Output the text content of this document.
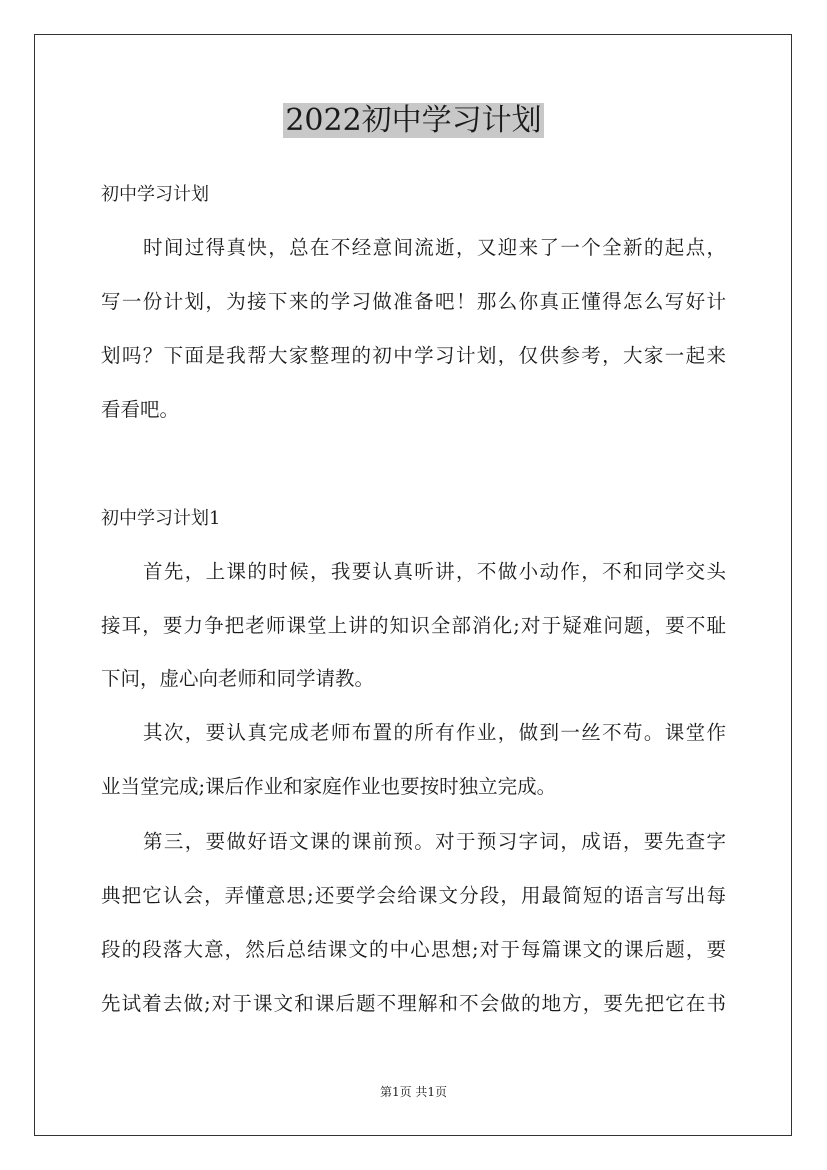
2022初中学习计划
初中学习计划
时间过得真快，总在不经意间流逝，又迎来了一个全新的起点，
写一份计划，为接下来的学习做准备吧！那么你真正懂得怎么写好计
划吗？下面是我帮大家整理的初中学习计划，仅供参考，大家一起来
看看吧。
初中学习计划1
首先，上课的时候，我要认真听讲，不做小动作，不和同学交头
接耳，要力争把老师课堂上讲的知识全部消化;对于疑难问题，要不耻
下问，虚心向老师和同学请教。
其次，要认真完成老师布置的所有作业，做到一丝不苟。课堂作
业当堂完成;课后作业和家庭作业也要按时独立完成。
第三，要做好语文课的课前预。对于预习字词，成语，要先查字
典把它认会，弄懂意思;还要学会给课文分段，用最简短的语言写出每
段的段落大意，然后总结课文的中心思想;对于每篇课文的课后题，要
先试着去做;对于课文和课后题不理解和不会做的地方，要先把它在书
第1页 共1页
